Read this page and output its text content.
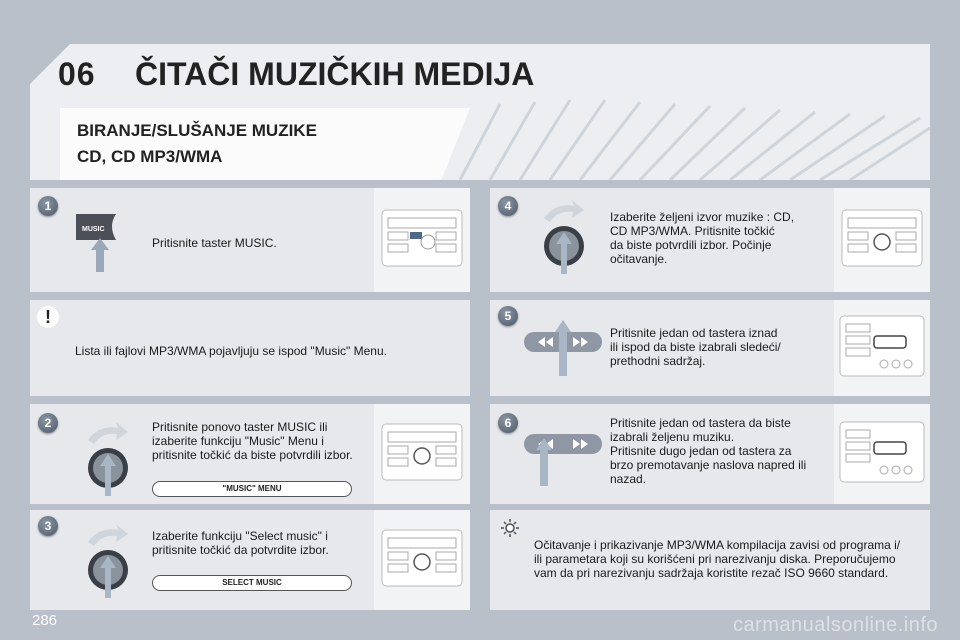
06 ČITAČI MUZIČKIH MEDIJA
BIRANJE/SLUŠANJE MUZIKE
CD, CD MP3/WMA
1
MUSIC
Pritisnite taster MUSIC.
!
Lista ili fajlovi MP3/WMA pojavljuju se ispod "Music" Menu.
2	Pritisnite ponovo taster MUSIC ili
izaberite funkciju "Music" Menu i
pritisnite točkić da biste potvrdili izbor.
"MUSIC" MENU
3
Izaberite funkciju "Select music" i
pritisnite točkić da potvrdite izbor.
SELECT MUSIC
4
Izaberite željeni izvor muzike : CD,
CD MP3/WMA. Pritisnite točkić
da biste potvrdili izbor. Počinje
očitavanje.
5
Pritisnite jedan od tastera iznad
ili ispod da biste izabrali sledeći/
prethodni sadržaj.
6	Pritisnite jedan od tastera da biste
izabrali željenu muziku.
Pritisnite dugo jedan od tastera za
brzo premotavanje naslova napred ili
nazad.
Očitavanje i prikazivanje MP3/WMA kompilacija zavisi od programa i/
ili parametara koji su korišćeni pri narezivanju diska. Preporučujemo
vam da pri narezivanju sadržaja koristite rezač ISO 9660 standard.
286	carmanualsonline.info
